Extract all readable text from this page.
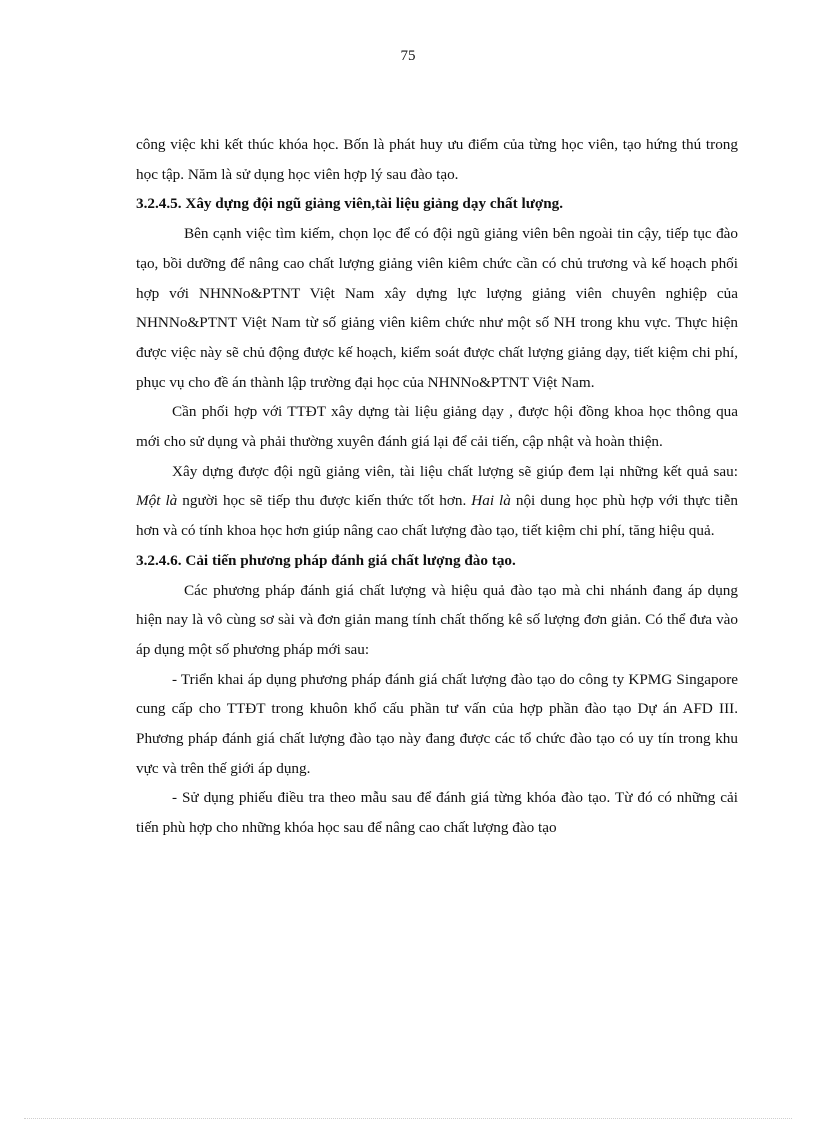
75

công việc khi kết thúc khóa học. Bốn là phát huy ưu điểm của từng học viên, tạo hứng thú trong học tập. Năm là sử dụng học viên hợp lý sau đào tạo.

3.2.4.5. Xây dựng đội ngũ giảng viên,tài liệu giảng dạy chất lượng.

Bên cạnh việc tìm kiếm, chọn lọc để có đội ngũ giảng viên bên ngoài tin cậy, tiếp tục đào tạo, bồi dưỡng để nâng cao chất lượng giảng viên kiêm chức cần có chủ trương và kế hoạch phối hợp với NHNNo&PTNT Việt Nam xây dựng lực lượng giảng viên chuyên nghiệp của NHNNo&PTNT Việt Nam từ số giảng viên kiêm chức như một số NH trong khu vực. Thực hiện được việc này sẽ chủ động được kế hoạch, kiểm soát được chất lượng giảng dạy, tiết kiệm chi phí, phục vụ cho đề án thành lập trường đại học của NHNNo&PTNT Việt Nam.

Cần phối hợp với TTĐT xây dựng tài liệu giảng dạy , được hội đồng khoa học thông qua mới cho sử dụng và phải thường xuyên đánh giá lại để cải tiến, cập nhật và hoàn thiện.

Xây dựng được đội ngũ giảng viên, tài liệu chất lượng sẽ giúp đem lại những kết quả sau: Một là người học sẽ tiếp thu được kiến thức tốt hơn. Hai là nội dung học phù hợp với thực tiễn hơn và có tính khoa học hơn giúp nâng cao chất lượng đào tạo, tiết kiệm chi phí, tăng hiệu quả.

3.2.4.6. Cải tiến phương pháp đánh giá chất lượng đào tạo.

Các phương pháp đánh giá chất lượng và hiệu quả đào tạo mà chi nhánh đang áp dụng hiện nay là vô cùng sơ sài và đơn giản mang tính chất thống kê số lượng đơn giản. Có thể đưa vào áp dụng một số phương pháp mới sau:

- Triển khai áp dụng phương pháp đánh giá chất lượng đào tạo do công ty KPMG Singapore cung cấp cho TTĐT trong khuôn khổ cấu phần tư vấn của hợp phần đào tạo Dự án AFD III. Phương pháp đánh giá chất lượng đào tạo này đang được các tổ chức đào tạo có uy tín trong khu vực và trên thế giới áp dụng.

- Sử dụng phiếu điều tra theo mẫu sau để đánh giá từng khóa đào tạo. Từ đó có những cải tiến phù hợp cho những khóa học sau để nâng cao chất lượng đào tạo
